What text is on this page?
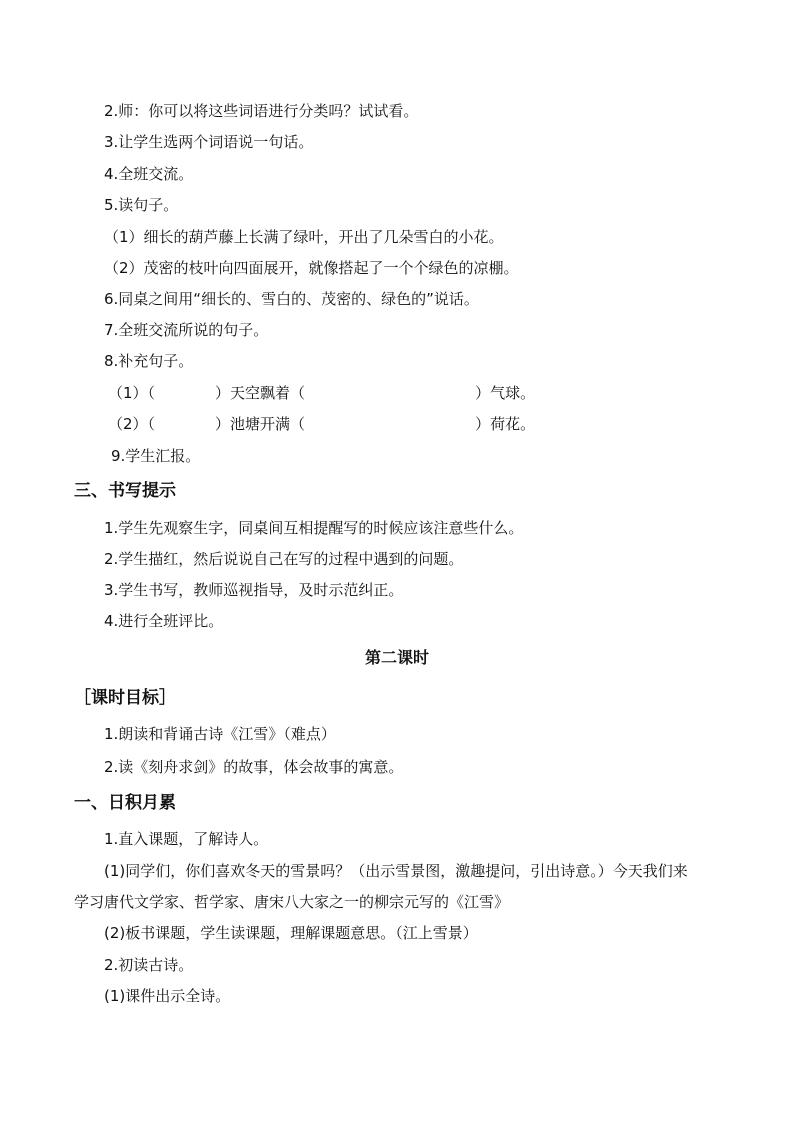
2.师：你可以将这些词语进行分类吗？试试看。
3.让学生选两个词语说一句话。
4.全班交流。
5.读句子。
（1）细长的葫芦藤上长满了绿叶，开出了几朵雪白的小花。
（2）茂密的枝叶向四面展开，就像搭起了一个个绿色的凉棚。
6.同桌之间用“细长的、雪白的、茂密的、绿色的”说话。
7.全班交流所说的句子。
8.补充句子。
（1）（	）天空飘着（	）气球。
（2）（	）池塘开满（	）荷花。
9.学生汇报。
三、书写提示
1.学生先观察生字，同桌间互相提醒写的时候应该注意些什么。
2.学生描红，然后说说自己在写的过程中遇到的问题。
3.学生书写，教师巡视指导，及时示范纠正。
4.进行全班评比。
第二课时
［课时目标］
1.朗读和背诵古诗《江雪》（难点）
2.读《刻舟求剑》的故事，体会故事的寓意。
一、日积月累
1.直入课题，了解诗人。
(1)同学们，你们喜欢冬天的雪景吗？（出示雪景图，激趣提问，引出诗意。）今天我们来
学习唐代文学家、哲学家、唐宋八大家之一的柳宗元写的《江雪》
(2)板书课题，学生读课题，理解课题意思。（江上雪景）
2.初读古诗。
(1)课件出示全诗。
